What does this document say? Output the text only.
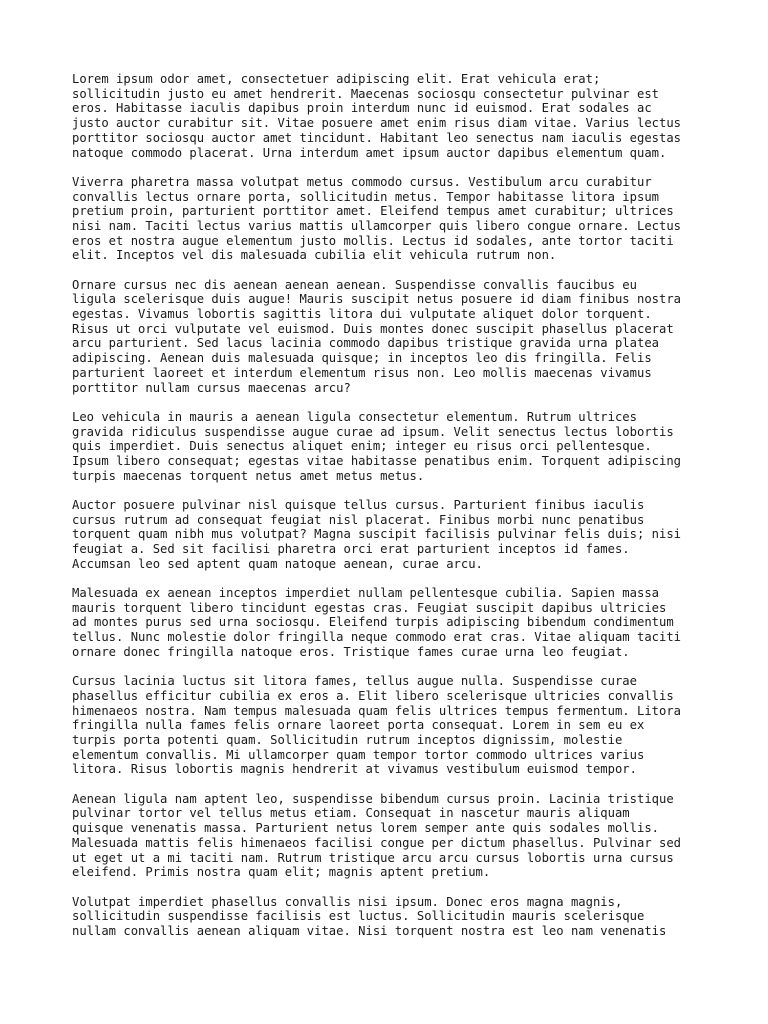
Lorem ipsum odor amet, consectetuer adipiscing elit. Erat vehicula erat;
sollicitudin justo eu amet hendrerit. Maecenas sociosqu consectetur pulvinar est
eros. Habitasse iaculis dapibus proin interdum nunc id euismod. Erat sodales ac
justo auctor curabitur sit. Vitae posuere amet enim risus diam vitae. Varius lectus
porttitor sociosqu auctor amet tincidunt. Habitant leo senectus nam iaculis egestas
natoque commodo placerat. Urna interdum amet ipsum auctor dapibus elementum quam.

Viverra pharetra massa volutpat metus commodo cursus. Vestibulum arcu curabitur
convallis lectus ornare porta, sollicitudin metus. Tempor habitasse litora ipsum
pretium proin, parturient porttitor amet. Eleifend tempus amet curabitur; ultrices
nisi nam. Taciti lectus varius mattis ullamcorper quis libero congue ornare. Lectus
eros et nostra augue elementum justo mollis. Lectus id sodales, ante tortor taciti
elit. Inceptos vel dis malesuada cubilia elit vehicula rutrum non.

Ornare cursus nec dis aenean aenean aenean. Suspendisse convallis faucibus eu
ligula scelerisque duis augue! Mauris suscipit netus posuere id diam finibus nostra
egestas. Vivamus lobortis sagittis litora dui vulputate aliquet dolor torquent.
Risus ut orci vulputate vel euismod. Duis montes donec suscipit phasellus placerat
arcu parturient. Sed lacus lacinia commodo dapibus tristique gravida urna platea
adipiscing. Aenean duis malesuada quisque; in inceptos leo dis fringilla. Felis
parturient laoreet et interdum elementum risus non. Leo mollis maecenas vivamus
porttitor nullam cursus maecenas arcu?

Leo vehicula in mauris a aenean ligula consectetur elementum. Rutrum ultrices
gravida ridiculus suspendisse augue curae ad ipsum. Velit senectus lectus lobortis
quis imperdiet. Duis senectus aliquet enim; integer eu risus orci pellentesque.
Ipsum libero consequat; egestas vitae habitasse penatibus enim. Torquent adipiscing
turpis maecenas torquent netus amet metus metus.

Auctor posuere pulvinar nisl quisque tellus cursus. Parturient finibus iaculis
cursus rutrum ad consequat feugiat nisl placerat. Finibus morbi nunc penatibus
torquent quam nibh mus volutpat? Magna suscipit facilisis pulvinar felis duis; nisi
feugiat a. Sed sit facilisi pharetra orci erat parturient inceptos id fames.
Accumsan leo sed aptent quam natoque aenean, curae arcu.

Malesuada ex aenean inceptos imperdiet nullam pellentesque cubilia. Sapien massa
mauris torquent libero tincidunt egestas cras. Feugiat suscipit dapibus ultricies
ad montes purus sed urna sociosqu. Eleifend turpis adipiscing bibendum condimentum
tellus. Nunc molestie dolor fringilla neque commodo erat cras. Vitae aliquam taciti
ornare donec fringilla natoque eros. Tristique fames curae urna leo feugiat.

Cursus lacinia luctus sit litora fames, tellus augue nulla. Suspendisse curae
phasellus efficitur cubilia ex eros a. Elit libero scelerisque ultricies convallis
himenaeos nostra. Nam tempus malesuada quam felis ultrices tempus fermentum. Litora
fringilla nulla fames felis ornare laoreet porta consequat. Lorem in sem eu ex
turpis porta potenti quam. Sollicitudin rutrum inceptos dignissim, molestie
elementum convallis. Mi ullamcorper quam tempor tortor commodo ultrices varius
litora. Risus lobortis magnis hendrerit at vivamus vestibulum euismod tempor.

Aenean ligula nam aptent leo, suspendisse bibendum cursus proin. Lacinia tristique
pulvinar tortor vel tellus metus etiam. Consequat in nascetur mauris aliquam
quisque venenatis massa. Parturient netus lorem semper ante quis sodales mollis.
Malesuada mattis felis himenaeos facilisi congue per dictum phasellus. Pulvinar sed
ut eget ut a mi taciti nam. Rutrum tristique arcu arcu cursus lobortis urna cursus
eleifend. Primis nostra quam elit; magnis aptent pretium.

Volutpat imperdiet phasellus convallis nisi ipsum. Donec eros magna magnis,
sollicitudin suspendisse facilisis est luctus. Sollicitudin mauris scelerisque
nullam convallis aenean aliquam vitae. Nisi torquent nostra est leo nam venenatis
